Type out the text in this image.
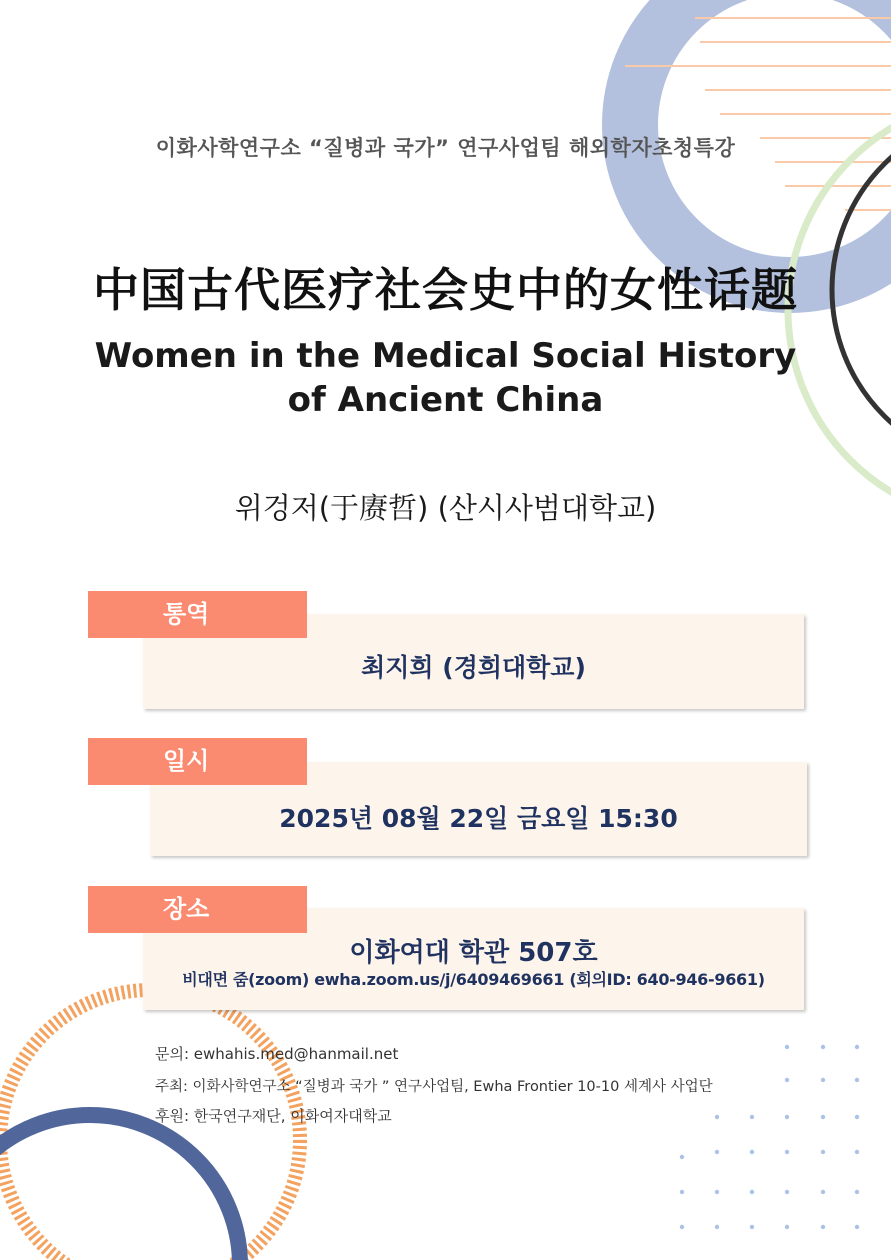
이화사학연구소 “질병과 국가” 연구사업팀 해외학자초청특강
中国古代医疗社会史中的女性话题
Women in the Medical Social History
of Ancient China
위겅저(于赓哲) (산시사범대학교)
최지희 (경희대학교)
통역
2025년 08월 22일 금요일 15:30
일시
이화여대 학관 507호
비대면 줌(zoom) ewha.zoom.us/j/6409469661 (회의ID: 640-946-9661)
장소
문의: ewhahis.med@hanmail.net
주최: 이화사학연구소 “질병과 국가 ” 연구사업팀, Ewha Frontier 10-10 세계사 사업단
후원: 한국연구재단, 이화여자대학교
